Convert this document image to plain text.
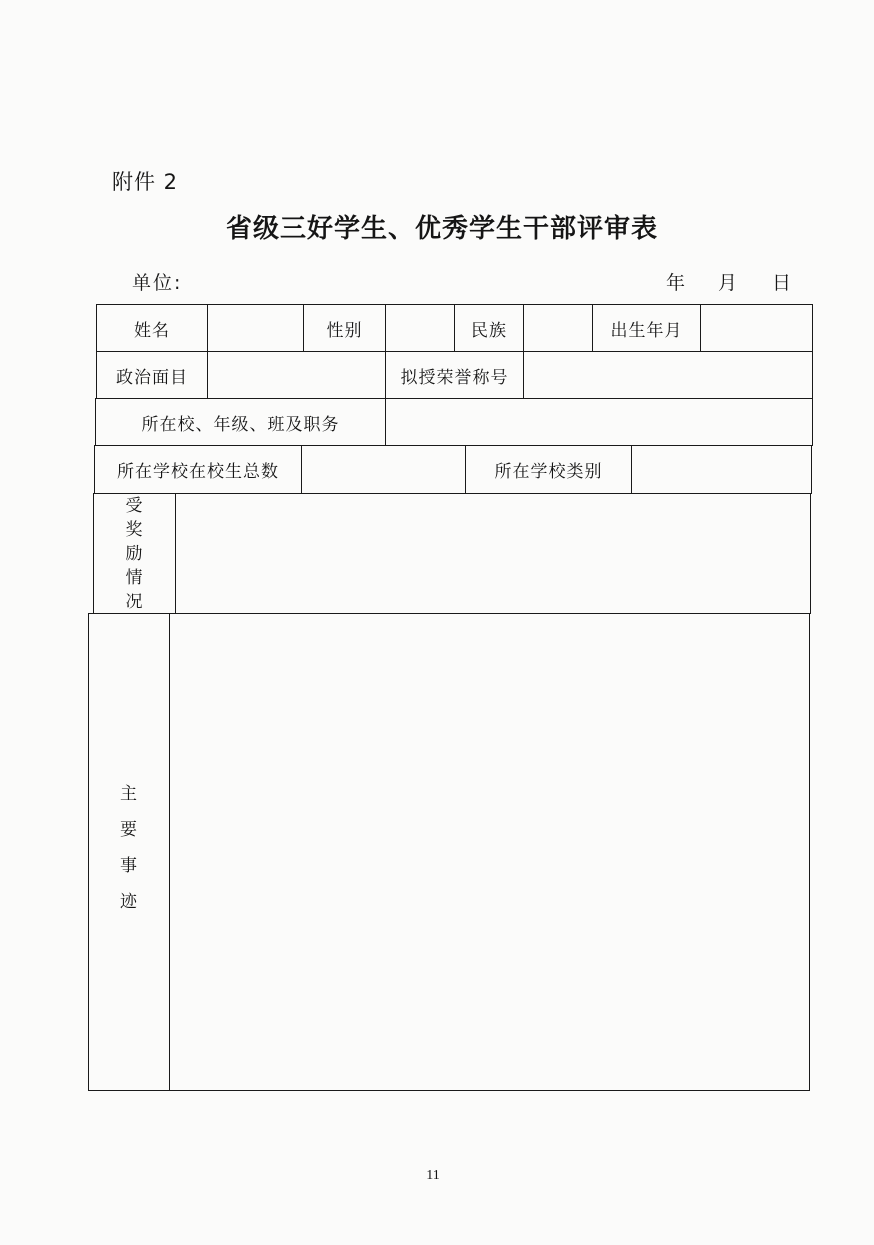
附件 2
省级三好学生、优秀学生干部评审表
单位:	年 月 日
姓名	性别	民族	出生年月
政治面目	拟授荣誉称号
所在校、年级、班及职务
所在学校在校生总数	所在学校类别
受
奖
励
情
况
主
要
事
迹
11
